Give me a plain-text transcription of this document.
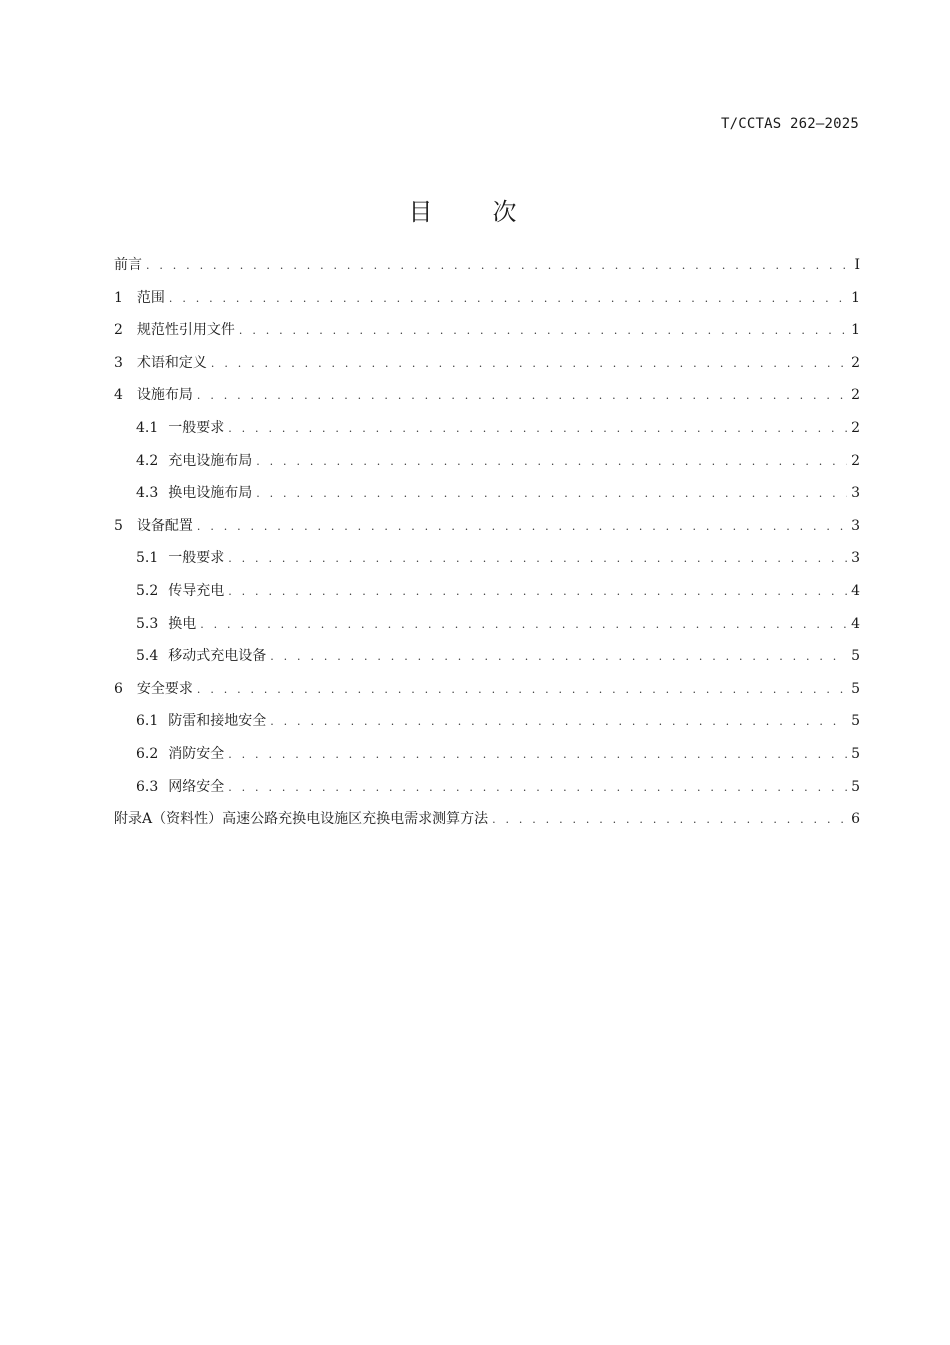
T/CCTAS 262—2025
目次
前言 . . .	I
1 范围 . . .	1
2 规范性引用文件 . . .	1
3 术语和定义 . . .	2
4 设施布局 . . .	2
4.1 一般要求 . . .	2
4.2 充电设施布局 . . .	2
4.3 换电设施布局 . . .	3
5 设备配置 . . .	3
5.1 一般要求 . . .	3
5.2 传导充电 . . .	4
5.3 换电 . . .	4
5.4 移动式充电设备 . . .	5
6 安全要求 . . .	5
6.1 防雷和接地安全 . . .	5
6.2 消防安全 . . .	5
6.3 网络安全 . . .	5
附录A（资料性）高速公路充换电设施区充换电需求测算方法 . . .	6
